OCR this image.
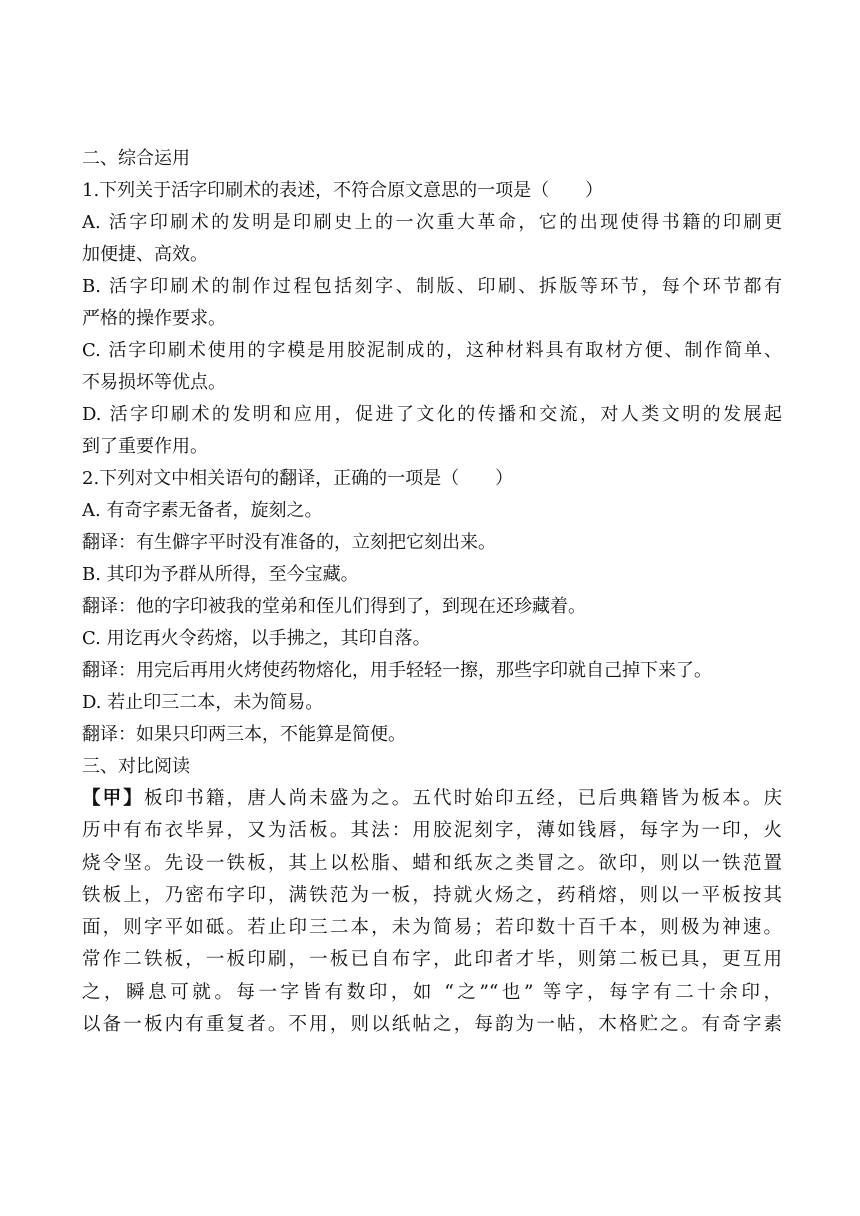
二、综合运用
1.下列关于活字印刷术的表述，不符合原文意思的一项是（　　）
A. 活字印刷术的发明是印刷史上的一次重大革命，它的出现使得书籍的印刷更
加便捷、高效。
B. 活字印刷术的制作过程包括刻字、制版、印刷、拆版等环节，每个环节都有
严格的操作要求。
C. 活字印刷术使用的字模是用胶泥制成的，这种材料具有取材方便、制作简单、
不易损坏等优点。
D. 活字印刷术的发明和应用，促进了文化的传播和交流，对人类文明的发展起
到了重要作用。
2.下列对文中相关语句的翻译，正确的一项是（　　）
A. 有奇字素无备者，旋刻之。
翻译：有生僻字平时没有准备的，立刻把它刻出来。
B. 其印为予群从所得，至今宝藏。
翻译：他的字印被我的堂弟和侄儿们得到了，到现在还珍藏着。
C. 用讫再火令药熔，以手拂之，其印自落。
翻译：用完后再用火烤使药物熔化，用手轻轻一擦，那些字印就自己掉下来了。
D. 若止印三二本，未为简易。
翻译：如果只印两三本，不能算是简便。
三、对比阅读
【甲】板印书籍，唐人尚未盛为之。五代时始印五经，已后典籍皆为板本。庆
历中有布衣毕昇，又为活板。其法：用胶泥刻字，薄如钱唇，每字为一印，火
烧令坚。先设一铁板，其上以松脂、蜡和纸灰之类冒之。欲印，则以一铁范置
铁板上，乃密布字印，满铁范为一板，持就火炀之，药稍熔，则以一平板按其
面，则字平如砥。若止印三二本，未为简易；若印数十百千本，则极为神速。
常作二铁板，一板印刷，一板已自布字，此印者才毕，则第二板已具，更互用
之，瞬息可就。每一字皆有数印，如 “之”“也” 等字，每字有二十余印，
以备一板内有重复者。不用，则以纸帖之，每韵为一帖，木格贮之。有奇字素
